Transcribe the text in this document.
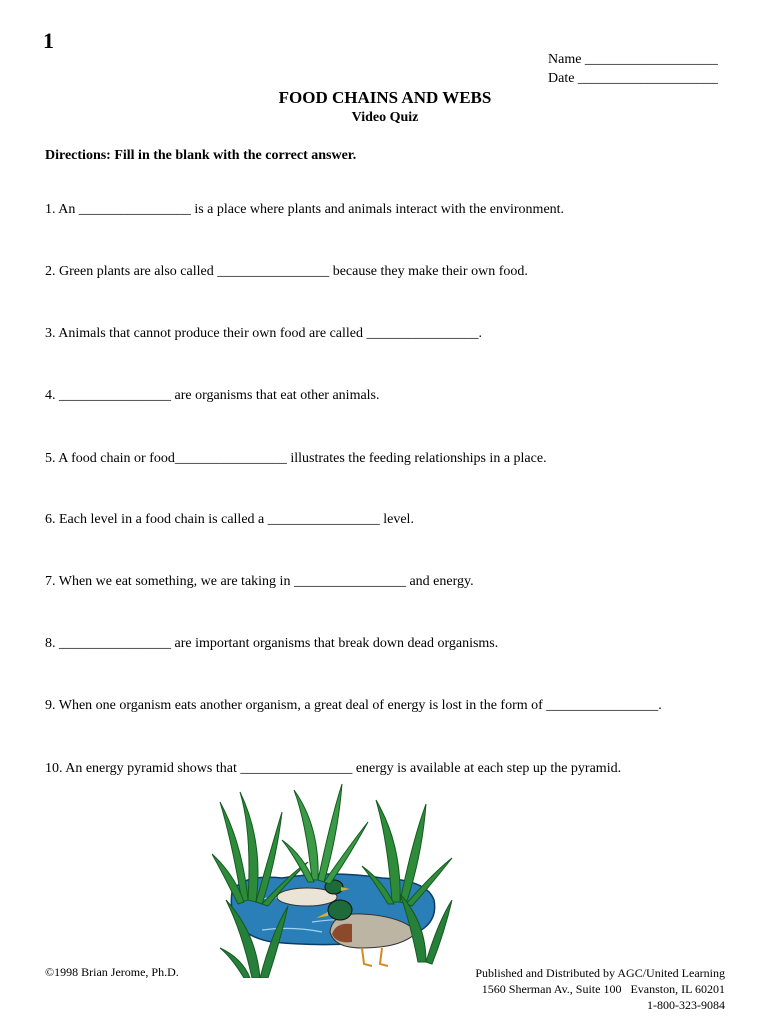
1
Name ___________________
Date ____________________
FOOD CHAINS AND WEBS
Video Quiz
Directions: Fill in the blank with the correct answer.
1. An ________________ is a place where plants and animals interact with the environment.
2. Green plants are also called ________________ because they make their own food.
3. Animals that cannot produce their own food are called ________________.
4. ________________ are organisms that eat other animals.
5. A food chain or food________________ illustrates the feeding relationships in a place.
6. Each level in a food chain is called a ________________ level.
7. When we eat something, we are taking in ________________ and energy.
8. ________________ are important organisms that break down dead organisms.
9. When one organism eats another organism, a great deal of energy is lost in the form of ________________.
10. An energy pyramid shows that ________________ energy is available at each step up the pyramid.
©1998 Brian Jerome, Ph.D.	Published and Distributed by AGC/United Learning
1560 Sherman Av., Suite 100   Evanston, IL 60201
1-800-323-9084
